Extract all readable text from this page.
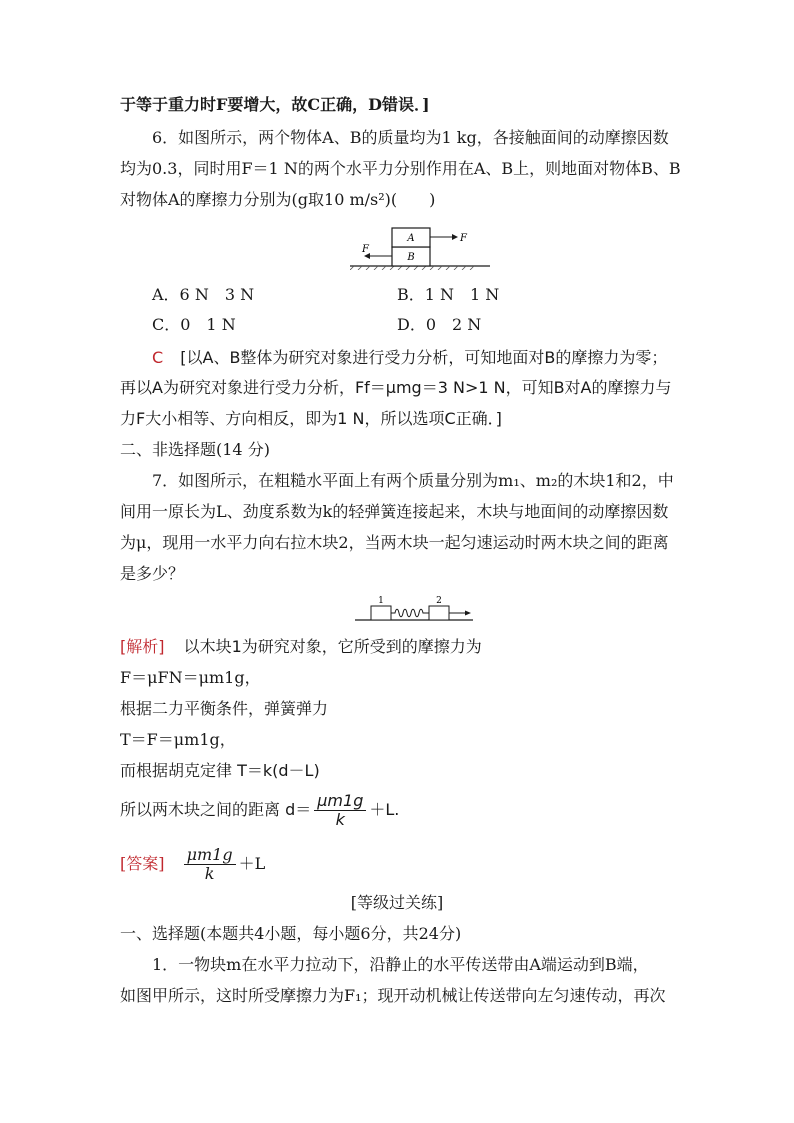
于等于重力时F要增大，故C正确，D错误．]
6．如图所示，两个物体A、B的质量均为1 kg，各接触面间的动摩擦因数
均为0.3，同时用F＝1 N的两个水平力分别作用在A、B上，则地面对物体B、B
对物体A的摩擦力分别为(g取10 m/s²)(　　)
A
B
F
F
A．6 N　3 N	B．1 N　1 N
C．0　1 N	D．0　2 N
C [以A、B整体为研究对象进行受力分析，可知地面对B的摩擦力为零；
再以A为研究对象进行受力分析，Ff＝μmg＝3 N>1 N，可知B对A的摩擦力与
力F大小相等、方向相反，即为1 N，所以选项C正确．]
二、非选择题(14 分)
7．如图所示，在粗糙水平面上有两个质量分别为m₁、m₂的木块1和2，中
间用一原长为L、劲度系数为k的轻弹簧连接起来，木块与地面间的动摩擦因数
为μ，现用一水平力向右拉木块2，当两木块一起匀速运动时两木块之间的距离
是多少？
1	2
[解析] 以木块1为研究对象，它所受到的摩擦力为
F＝μFN＝μm1g，
根据二力平衡条件，弹簧弹力
T＝F＝μm1g，
而根据胡克定律 T＝k(d－L)
所以两木块之间的距离 $d= \frac{\mu m1g}{k} +L$.
[答案] $\frac{\mu m1g}{k} +L$
[等级过关练]
一、选择题(本题共4小题，每小题6分，共24分)
1．一物块m在水平力拉动下，沿静止的水平传送带由A端运动到B端，
如图甲所示，这时所受摩擦力为F₁；现开动机械让传送带向左匀速传动，再次
